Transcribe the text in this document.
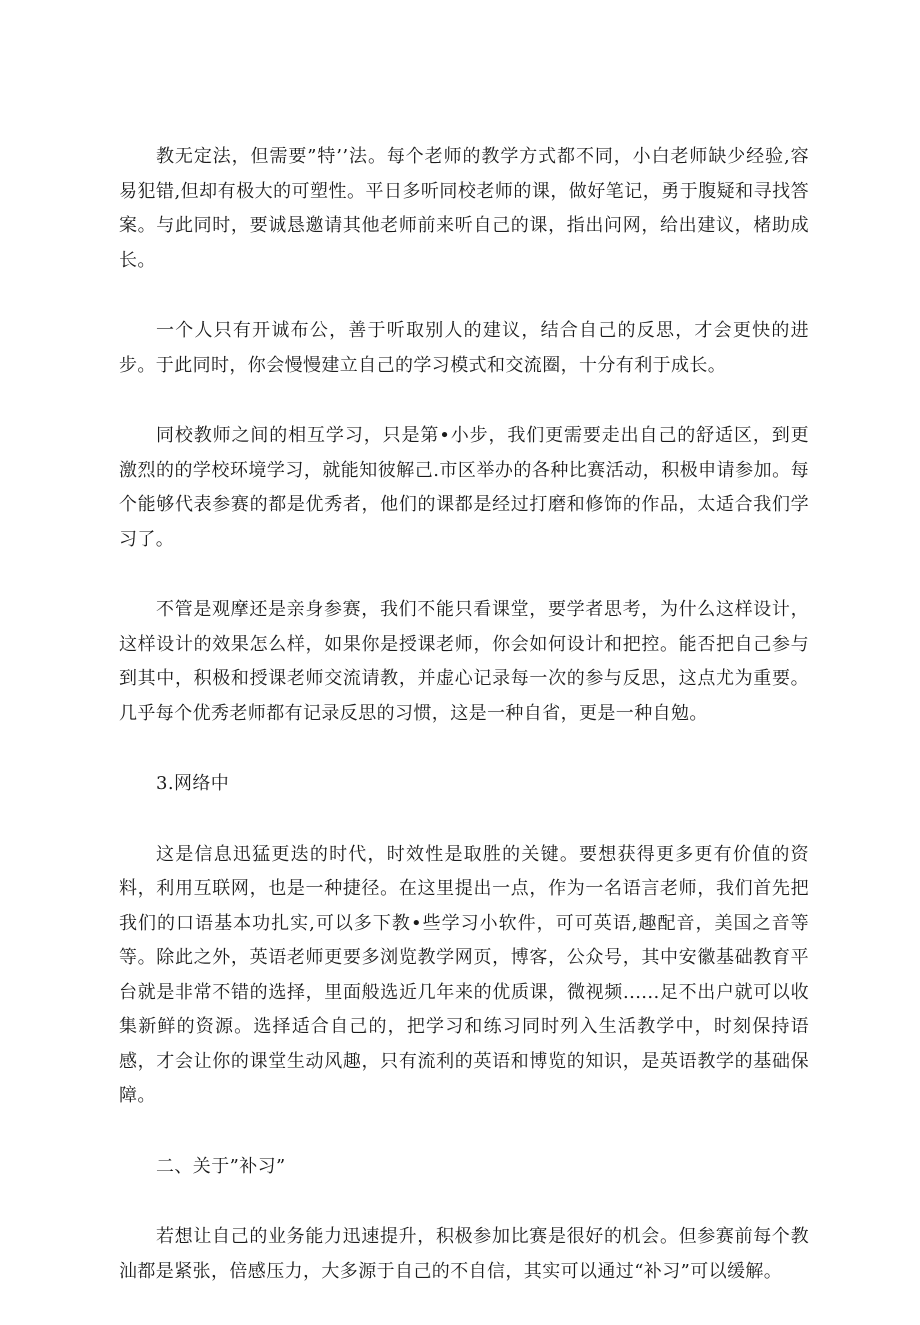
教无定法，但需要”特’’法。每个老师的教学方式都不同，小白老师缺少经验,容易犯错,但却有极大的可塑性。平日多听同校老师的课，做好笔记，勇于腹疑和寻找答案。与此同时，要诚恳邀请其他老师前来听自己的课，指出问网，给出建议，楮助成长。

一个人只有开诚布公，善于听取别人的建议，结合自己的反思，才会更快的进步。于此同时，你会慢慢建立自己的学习模式和交流圈，十分有利于成长。

同校教师之间的相互学习，只是第•小步，我们更需要走出自己的舒适区，到更激烈的的学校环境学习，就能知彼解己.市区举办的各种比赛活动，积极申请参加。每个能够代表参赛的都是优秀者，他们的课都是经过打磨和修饰的作品，太适合我们学习了。

不管是观摩还是亲身参赛，我们不能只看课堂，要学者思考，为什么这样设计，这样设计的效果怎么样，如果你是授课老师，你会如何设计和把控。能否把自己参与到其中，积极和授课老师交流请教，并虚心记录每一次的参与反思，这点尤为重要。几乎每个优秀老师都有记录反思的习惯，这是一种自省，更是一种自勉。

3.网络中

这是信息迅猛更迭的时代，时效性是取胜的关键。要想获得更多更有价值的资料，利用互联网，也是一种捷径。在这里提出一点，作为一名语言老师，我们首先把我们的口语基本功扎实,可以多下教•些学习小软件，可可英语,趣配音，美国之音等等。除此之外，英语老师更要多浏览教学网页，博客，公众号，其中安徽基础教育平台就是非常不错的选择，里面般选近几年来的优质课，微视频......足不出户就可以收集新鲜的资源。选择适合自己的，把学习和练习同时列入生活教学中，时刻保持语感，才会让你的课堂生动风趣，只有流利的英语和博览的知识，是英语教学的基础保障。

二、关于”补习”

若想让自己的业务能力迅速提升，积极参加比赛是很好的机会。但参赛前每个教汕都是紧张，倍感压力，大多源于自己的不自信，其实可以通过“补习”可以缓解。
